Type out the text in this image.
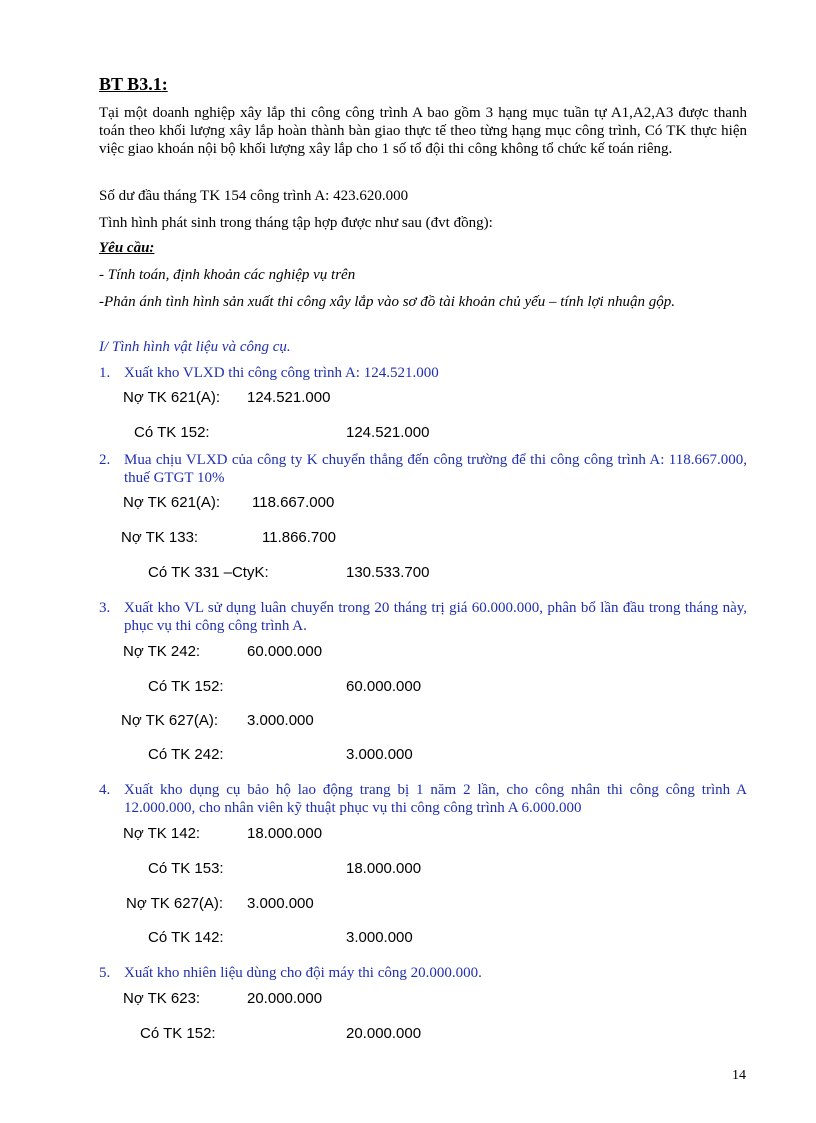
BT B3.1:
Tại một doanh nghiệp xây lắp thi công công trình A bao gồm 3 hạng mục tuần tự A1,A2,A3 được thanh toán theo khối lượng xây lắp hoàn thành bàn giao thực tế theo từng hạng mục công trình, Có TK thực hiện việc giao khoán nội bộ khối lượng xây lắp cho 1 số tổ đội thi công không tổ chức kế toán riêng.
Số dư đầu tháng TK 154 công trình A: 423.620.000
Tình hình phát sinh trong tháng tập hợp được như sau (đvt đồng):
Yêu cầu:
- Tính toán, định khoản các nghiệp vụ trên
-Phản ánh tình hình sản xuất thi công xây lắp vào sơ đồ tài khoản chủ yếu – tính lợi nhuận gộp.
I/ Tình hình vật liệu và công cụ.
1. Xuất kho VLXD thi công công trình A: 124.521.000
Nợ TK 621(A): 124.521.000
Có TK 152:	124.521.000
2. Mua chịu VLXD của công ty K chuyển thẳng đến công trường để thi công công trình A: 118.667.000, thuế GTGT 10%
Nợ TK 621(A): 118.667.000
Nợ TK 133:	11.866.700
Có TK 331 –CtyK:	130.533.700
3. Xuất kho VL sử dụng luân chuyển trong 20 tháng trị giá 60.000.000, phân bổ lần đầu trong tháng này, phục vụ thi công công trình A.
Nợ TK 242:	60.000.000
Có TK 152:	60.000.000
Nợ TK 627(A): 3.000.000
Có TK 242:	3.000.000
4. Xuất kho dụng cụ bảo hộ lao động trang bị 1 năm 2 lần, cho công nhân thi công công trình A 12.000.000, cho nhân viên kỹ thuật phục vụ thi công công trình A 6.000.000
Nợ TK 142:	18.000.000
Có TK 153:	18.000.000
Nợ TK 627(A): 3.000.000
Có TK 142:	3.000.000
5. Xuất kho nhiên liệu dùng cho đội máy thi công 20.000.000.
Nợ TK 623:	20.000.000
Có TK 152:	20.000.000
14
